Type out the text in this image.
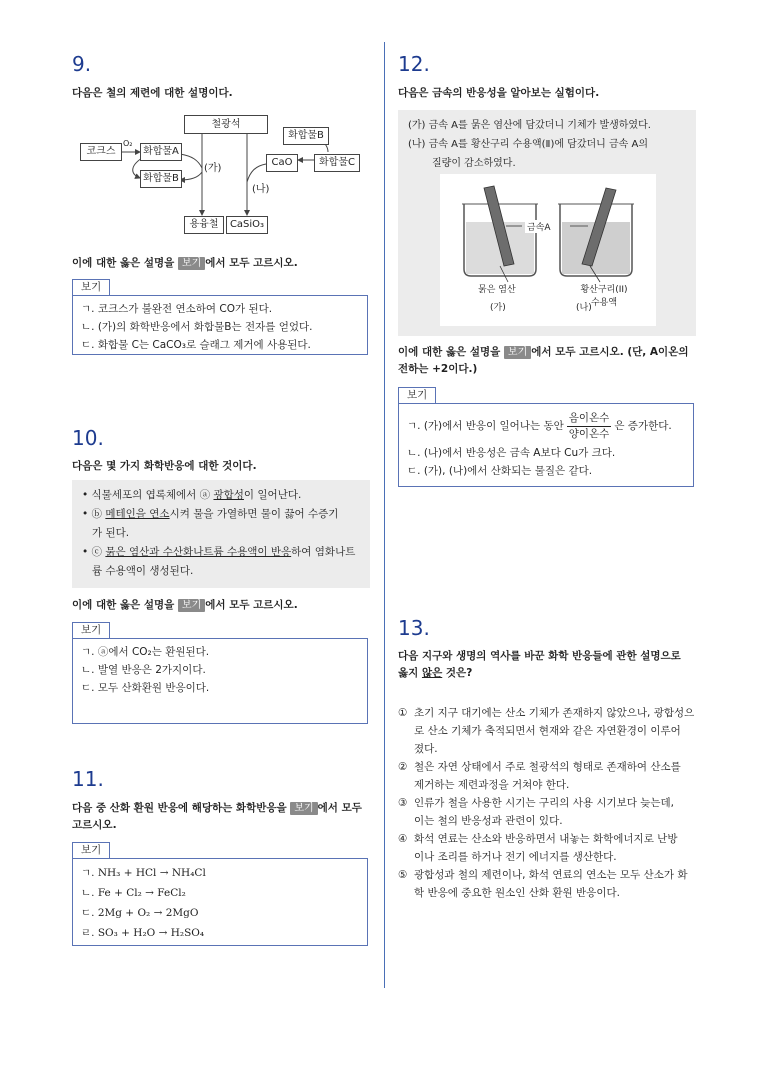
9.
다음은 철의 제련에 대한 설명이다.
철광석
코크스
O₂
화합물A
화합물B
(가)
화합물B
CaO	화합물C
(나)
용융철	CaSiO₃
이에 대한 옳은 설명을 보기 에서 모두 고르시오.
보기
ㄱ. 코크스가 불완전 연소하여 CO가 된다.
ㄴ. (가)의 화학반응에서 화합물B는 전자를 얻었다.
ㄷ. 화합물 C는 CaCO₃로 슬래그 제거에 사용된다.
10.
다음은 몇 가지 화학반응에 대한 것이다.
• 식물세포의 엽록체에서 ⓐ 광합성이 일어난다.
• ⓑ 메테인을 연소시켜 물을 가열하면 물이 끓어 수증기
가 된다.
• ⓒ 묽은 염산과 수산화나트륨 수용액이 반응하여 염화나트
륨 수용액이 생성된다.
이에 대한 옳은 설명을 보기 에서 모두 고르시오.
보기
ㄱ. ⓐ에서 CO₂는 환원된다.
ㄴ. 발열 반응은 2가지이다.
ㄷ. 모두 산화환원 반응이다.
11.
다음 중 산화 환원 반응에 해당하는 화학반응을 보기 에서 모두
고르시오.
보기
ㄱ. NH₃ + HCl → NH₄Cl
ㄴ. Fe + Cl₂ → FeCl₂
ㄷ. 2Mg + O₂ → 2MgO
ㄹ. SO₃ + H₂O → H₂SO₄
12.
다음은 금속의 반응성을 알아보는 실험이다.
(가) 금속 A를 묽은 염산에 담갔더니 기체가 발생하였다.
(나) 금속 A를 황산구리 수용액(Ⅱ)에 담갔더니 금속 A의
질량이 감소하였다.
금속A
묽은 염산	황산구리(II)
수용액
(가)	(나)
이에 대한 옳은 설명을 보기 에서 모두 고르시오. (단, A이온의
전하는 +2이다.)
보기
ㄱ. (가)에서 반응이 일어나는 동안
음이온수
양이온수
은 증가한다.
ㄴ. (나)에서 반응성은 금속 A보다 Cu가 크다.
ㄷ. (가), (나)에서 산화되는 물질은 같다.
13.
다음 지구와 생명의 역사를 바꾼 화학 반응들에 관한 설명으로
옳지 않은 것은?
① 초기 지구 대기에는 산소 기체가 존재하지 않았으나, 광합성으
로 산소 기체가 축적되면서 현재와 같은 자연환경이 이루어
졌다.
② 철은 자연 상태에서 주로 철광석의 형태로 존재하여 산소를
제거하는 제련과정을 거쳐야 한다.
③ 인류가 철을 사용한 시기는 구리의 사용 시기보다 늦는데,
이는 철의 반응성과 관련이 있다.
④ 화석 연료는 산소와 반응하면서 내놓는 화학에너지로 난방
이나 조리를 하거나 전기 에너지를 생산한다.
⑤ 광합성과 철의 제련이나, 화석 연료의 연소는 모두 산소가 화
학 반응에 중요한 원소인 산화 환원 반응이다.
